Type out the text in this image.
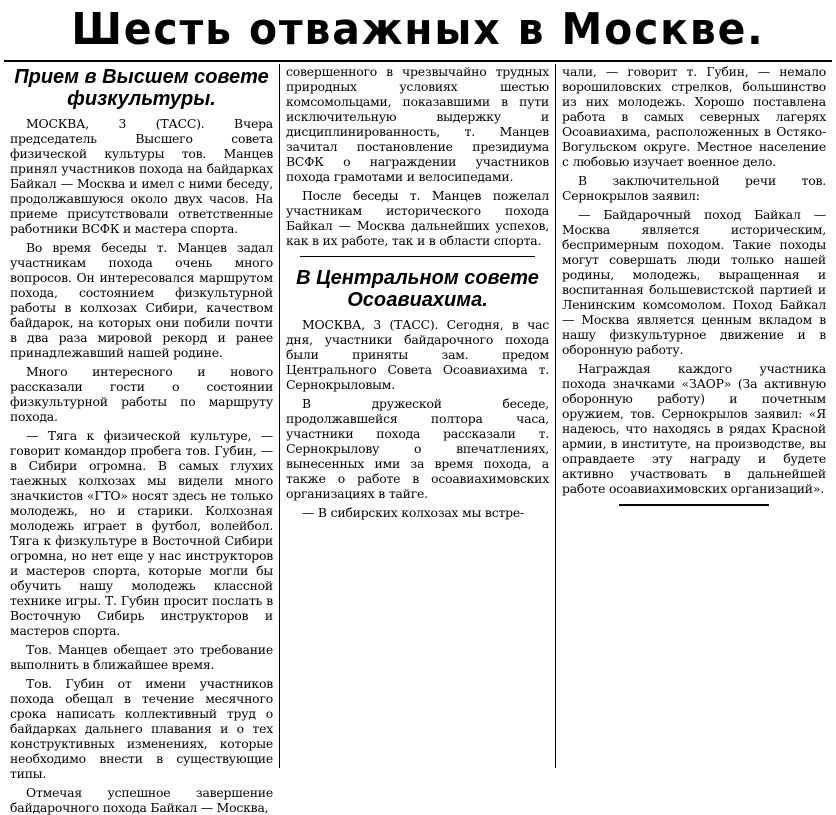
Шесть отважных в Москве.
Прием в Высшем совете физкультуры.

МОСКВА, 3 (ТАСС). Вчера председатель Высшего совета физической культуры тов. Манцев принял участников похода на байдарках Байкал — Москва и имел с ними беседу, продолжавшуюся около двух часов. На приеме присутствовали ответственные работники ВСФК и мастера спорта.

Во время беседы т. Манцев задал участникам похода очень много вопросов. Он интересовался маршрутом похода, состоянием физкультурной работы в колхозах Сибири, качеством байдарок, на которых они побили почти в два раза мировой рекорд и ранее принадлежавший нашей родине.

Много интересного и нового рассказали гости о состоянии физкультурной работы по маршруту похода.

— Тяга к физической культуре, — говорит командор пробега тов. Губин, — в Сибири огромна. В самых глухих таежных колхозах мы видели много значкистов «ГТО» носят здесь не только молодежь, но и старики. Колхозная молодежь играет в футбол, волейбол. Тяга к физкультуре в Восточной Сибири огромна, но нет еще у нас инструкторов и мастеров спорта, которые могли бы обучить нашу молодежь классной технике игры. Т. Губин просит послать в Восточную Сибирь инструкторов и мастеров спорта.

Тов. Манцев обещает это требование выполнить в ближайшее время.

Тов. Губин от имени участников похода обещал в течение месячного срока написать коллективный труд о байдарках дальнего плавания и о тех конструктивных изменениях, которые необходимо внести в существующие типы.

Отмечая успешное завершение байдарочного похода Байкал — Москва,

совершенного в чрезвычайно трудных природных условиях шестью комсомольцами, показавшими в пути исключительную выдержку и дисциплинированность, т. Манцев зачитал постановление президиума ВСФК о награждении участников похода грамотами и велосипедами.

После беседы т. Манцев пожелал участникам исторического похода Байкал — Москва дальнейших успехов, как в их работе, так и в области спорта.

В Центральном совете Осоавиахима.

МОСКВА, 3 (ТАСС). Сегодня, в час дня, участники байдарочного похода были приняты зам. предом Центрального Совета Осоавиахима т. Сернокрыловым.

В дружеской беседе, продолжавшейся полтора часа, участники похода рассказали т. Сернокрылову о впечатлениях, вынесенных ими за время похода, а также о работе в осоавиахимовских организациях в тайге.

— В сибирских колхозах мы встре-

чали, — говорит т. Губин, — немало ворошиловских стрелков, большинство из них молодежь. Хорошо поставлена работа в самых северных лагерях Осоавиахима, расположенных в Остяко-Вогульском округе. Местное население с любовью изучает военное дело.

В заключительной речи тов. Сернокрылов заявил:

— Байдарочный поход Байкал — Москва является историческим, беспримерным походом. Такие походы могут совершать люди только нашей родины, молодежь, выращенная и воспитанная большевистской партией и Ленинским комсомолом. Поход Байкал — Москва является ценным вкладом в нашу физкультурное движение и в оборонную работу.

Награждая каждого участника похода значками «ЗАОР» (За активную оборонную работу) и почетным оружием, тов. Сернокрылов заявил: «Я надеюсь, что находясь в рядах Красной армии, в институте, на производстве, вы оправдаете эту награду и будете активно участвовать в дальнейшей работе осоавиахимовских организаций».
